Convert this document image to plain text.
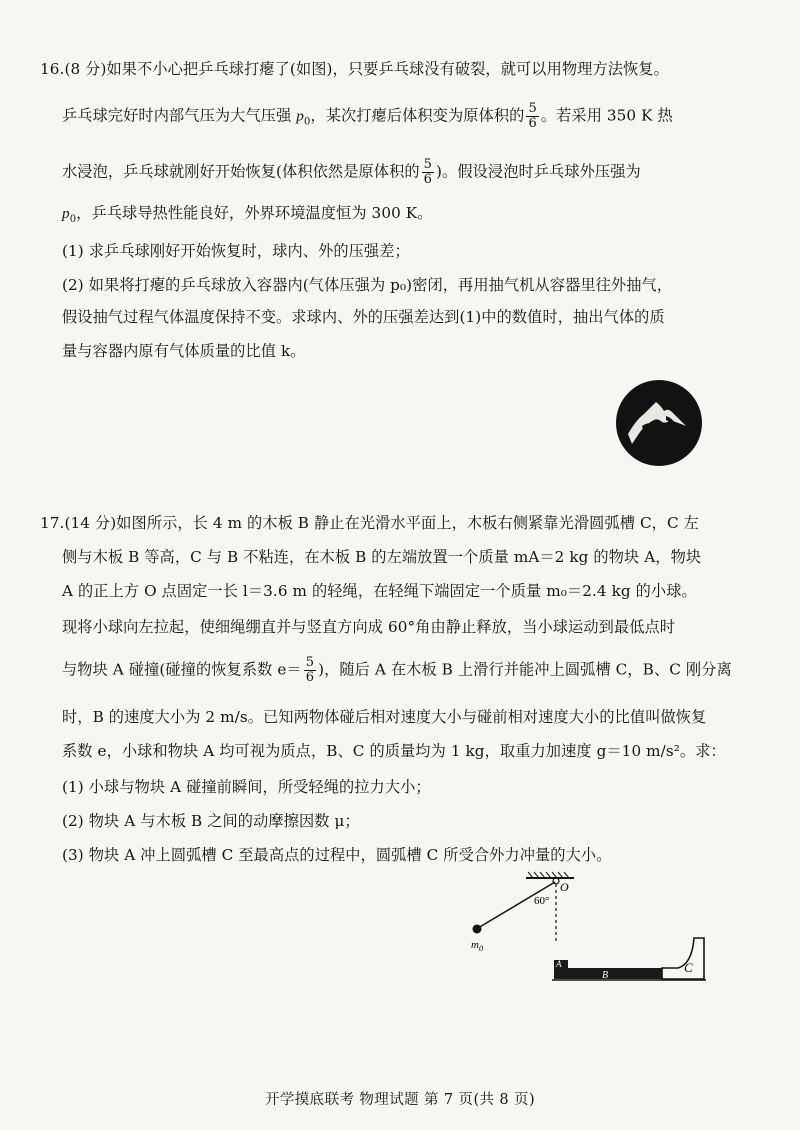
16.(8 分)如果不小心把乒乓球打瘪了(如图)，只要乒乓球没有破裂，就可以用物理方法恢复。
乒乓球完好时内部气压为大气压强 $p_0$，某次打瘪后体积变为原体积的 $\frac{5}{6}$ 。若采用 350 K 热
水浸泡，乒乓球就刚好开始恢复(体积依然是原体积的 $\frac{5}{6}$ )。假设浸泡时乒乓球外压强为
$p_0$，乒乓球导热性能良好，外界环境温度恒为 300 K。
(1) 求乒乓球刚好开始恢复时，球内、外的压强差；
(2) 如果将打瘪的乒乓球放入容器内(气体压强为 p₀)密闭，再用抽气机从容器里往外抽气，
假设抽气过程气体温度保持不变。求球内、外的压强差达到(1)中的数值时，抽出气体的质
量与容器内原有气体质量的比值 k。
17.(14 分)如图所示，长 4 m 的木板 B 静止在光滑水平面上，木板右侧紧靠光滑圆弧槽 C，C 左
侧与木板 B 等高，C 与 B 不粘连，在木板 B 的左端放置一个质量 mA＝2 kg 的物块 A，物块
A 的正上方 O 点固定一长 l＝3.6 m 的轻绳，在轻绳下端固定一个质量 m₀＝2.4 kg 的小球。
现将小球向左拉起，使细绳绷直并与竖直方向成 60°角由静止释放，当小球运动到最低点时
与物块 A 碰撞(碰撞的恢复系数 $e= \frac{5}{6}$ )，随后 A 在木板 B 上滑行并能冲上圆弧槽 C，B、C 刚分离
时，B 的速度大小为 2 m/s。已知两物体碰后相对速度大小与碰前相对速度大小的比值叫做恢复
系数 e，小球和物块 A 均可视为质点，B、C 的质量均为 1 kg，取重力加速度 g＝10 m/s²。求：
(1) 小球与物块 A 碰撞前瞬间，所受轻绳的拉力大小；
(2) 物块 A 与木板 B 之间的动摩擦因数 μ；
(3) 物块 A 冲上圆弧槽 C 至最高点的过程中，圆弧槽 C 所受合外力冲量的大小。
O
60°
$m_0$
A
B
C
开学摸底联考 物理试题 第 7 页(共 8 页)
